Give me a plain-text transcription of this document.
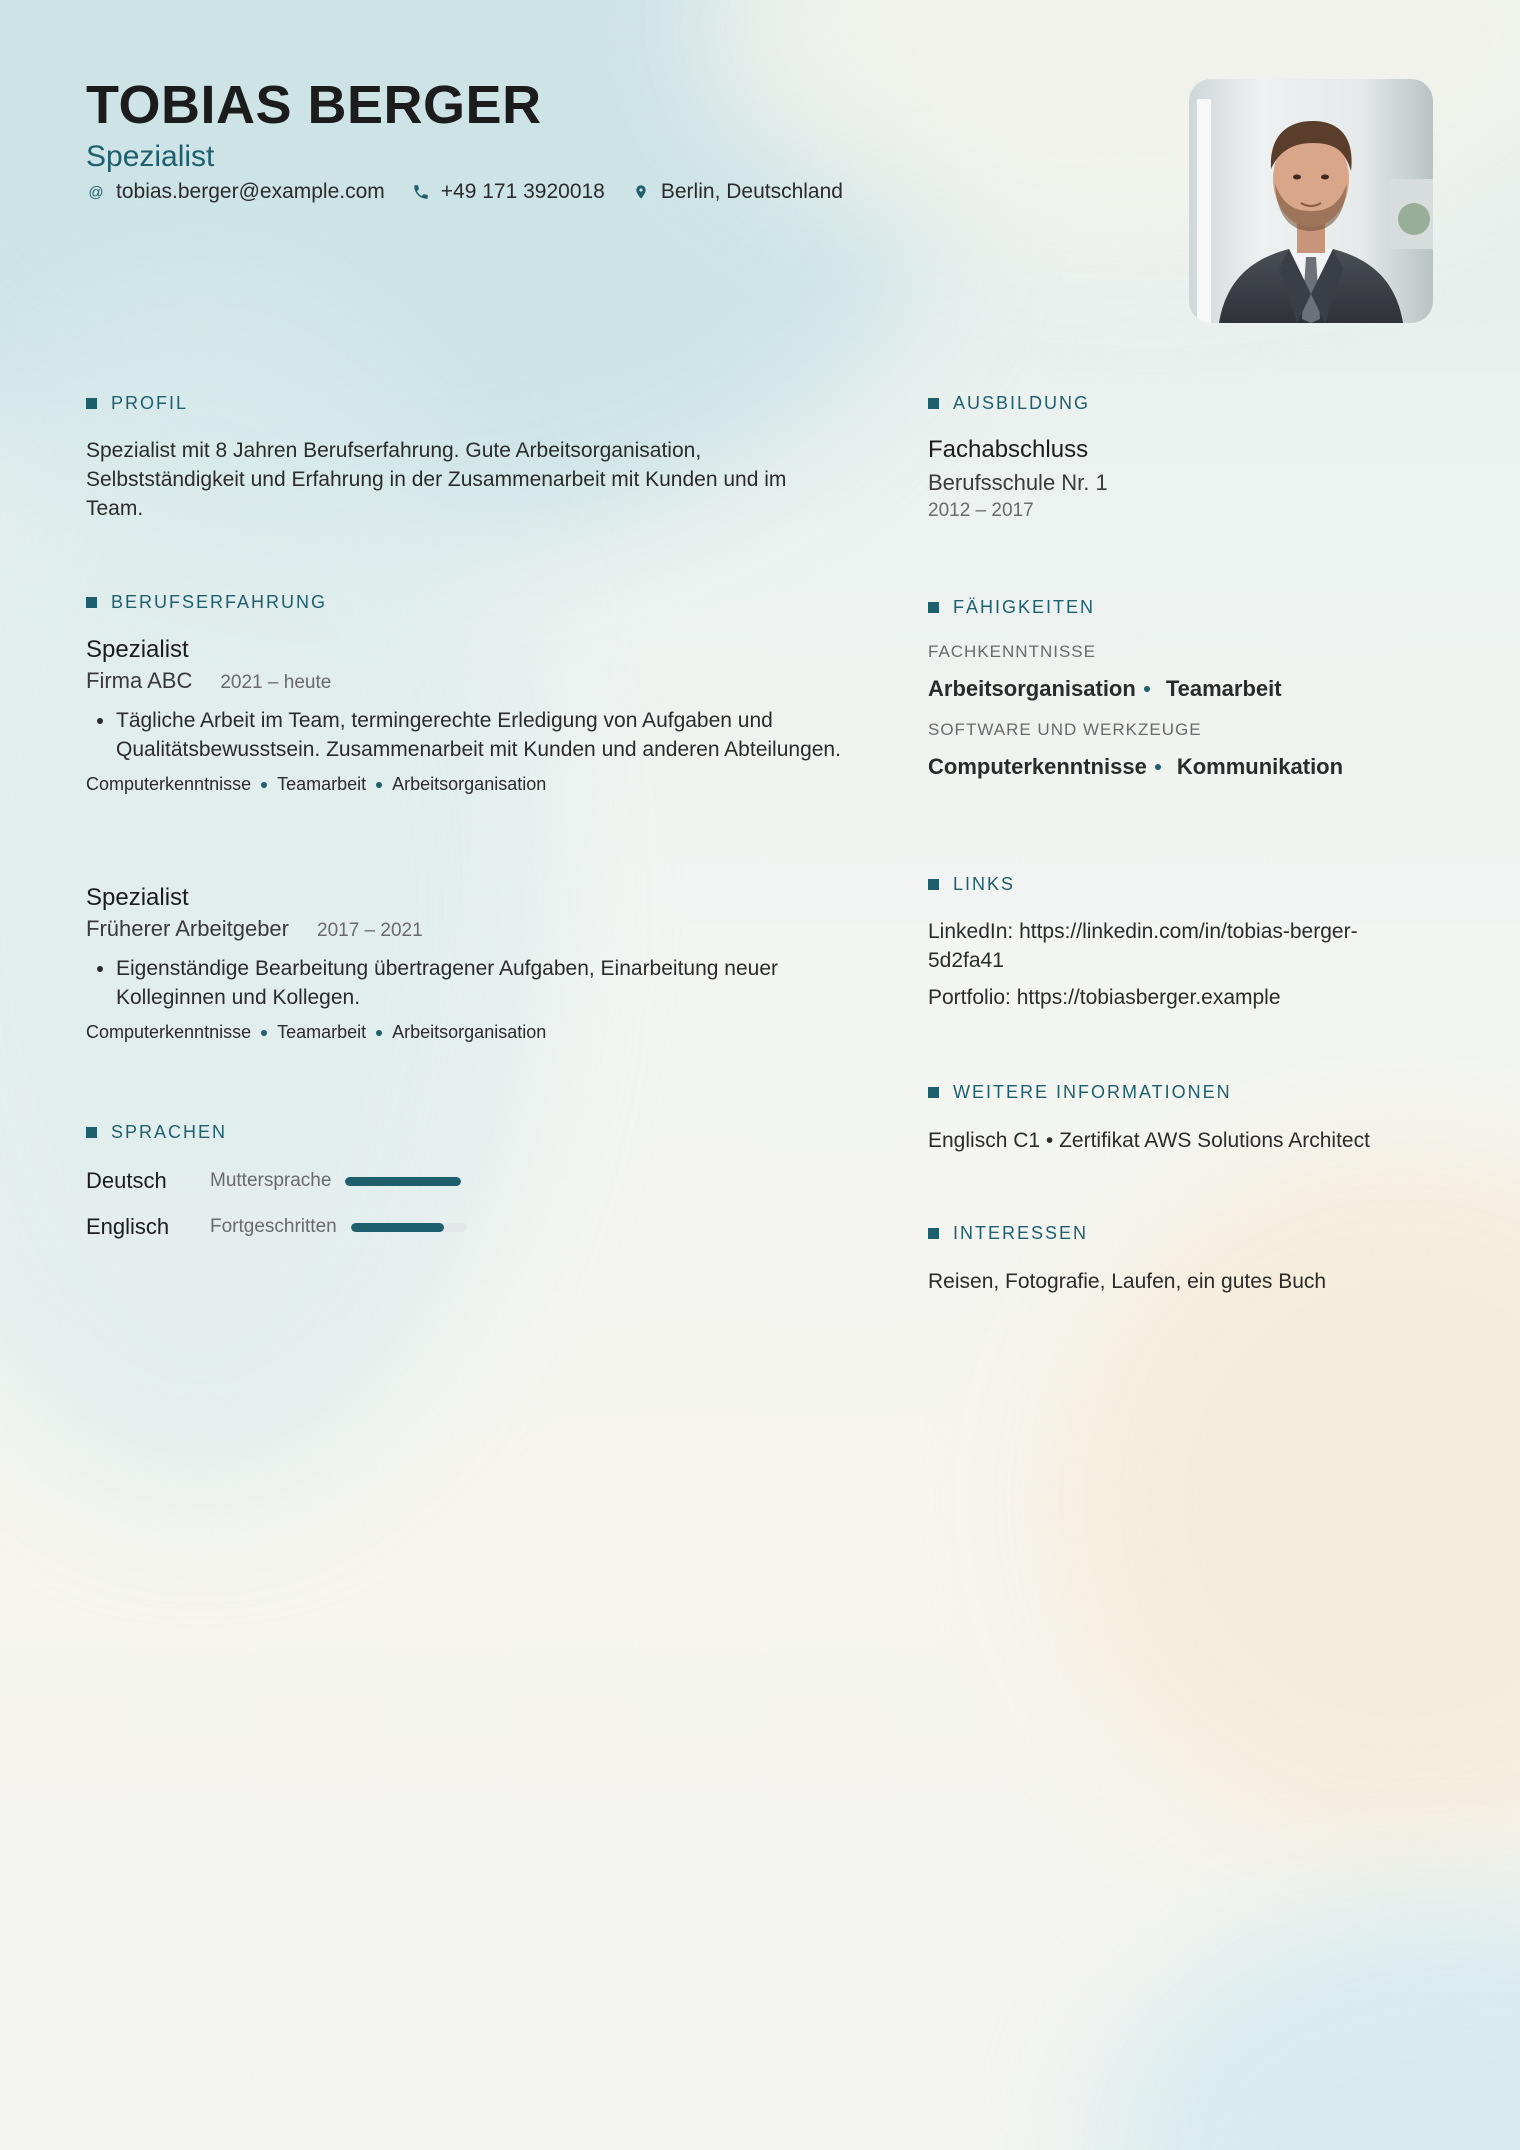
TOBIAS BERGER
Spezialist
@ tobias.berger@example.com	+49 171 3920018	Berlin, Deutschland
PROFIL
Spezialist mit 8 Jahren Berufserfahrung. Gute Arbeitsorganisation, Selbstständigkeit und Erfahrung in der Zusammenarbeit mit Kunden und im Team.
BERUFSERFAHRUNG
Spezialist
Firma ABC 2021 – heute
• Tägliche Arbeit im Team, termingerechte Erledigung von Aufgaben und Qualitätsbewusstsein. Zusammenarbeit mit Kunden und anderen Abteilungen.
Computerkenntnisse Teamarbeit Arbeitsorganisation
Spezialist
Früherer Arbeitgeber 2017 – 2021
• Eigenständige Bearbeitung übertragener Aufgaben, Einarbeitung neuer Kolleginnen und Kollegen.
Computerkenntnisse Teamarbeit Arbeitsorganisation
SPRACHEN
Deutsch	Muttersprache
Englisch	Fortgeschritten
AUSBILDUNG
Fachabschluss
Berufsschule Nr. 1
2012 – 2017
FÄHIGKEITEN
FACHKENNTNISSE
Arbeitsorganisation Teamarbeit
SOFTWARE UND WERKZEUGE
Computerkenntnisse Kommunikation
LINKS
LinkedIn: https://linkedin.com/in/tobias-berger-5d2fa41
Portfolio: https://tobiasberger.example
WEITERE INFORMATIONEN
Englisch C1 • Zertifikat AWS Solutions Architect
INTERESSEN
Reisen, Fotografie, Laufen, ein gutes Buch
